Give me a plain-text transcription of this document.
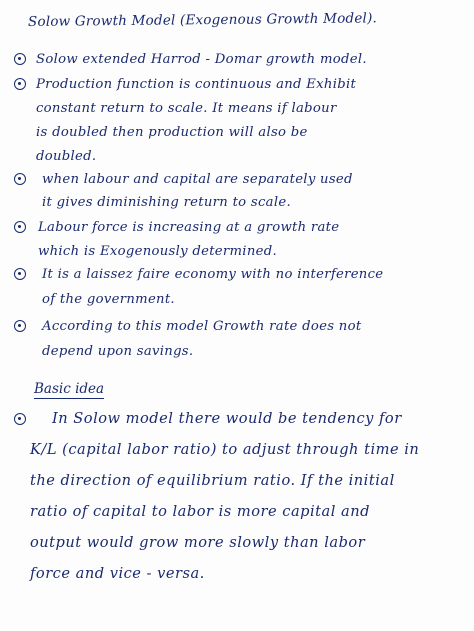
Solow Growth Model (Exogenous Growth Model).
Solow extended Harrod - Domar growth model.
Production function is continuous and Exhibit
constant return to scale. It means if labour
is doubled then production will also be
doubled.
when labour and capital are separately used
it gives diminishing return to scale.
Labour force is increasing at a growth rate
which is Exogenously determined.
It is a laissez faire economy with no interference
of the government.
According to this model Growth rate does not
depend upon savings.
Basic idea
In Solow model there would be tendency for
K/L (capital labor ratio) to adjust through time in
the direction of equilibrium ratio. If the initial
ratio of capital to labor is more capital and
output would grow more slowly than labor
force and vice - versa.
